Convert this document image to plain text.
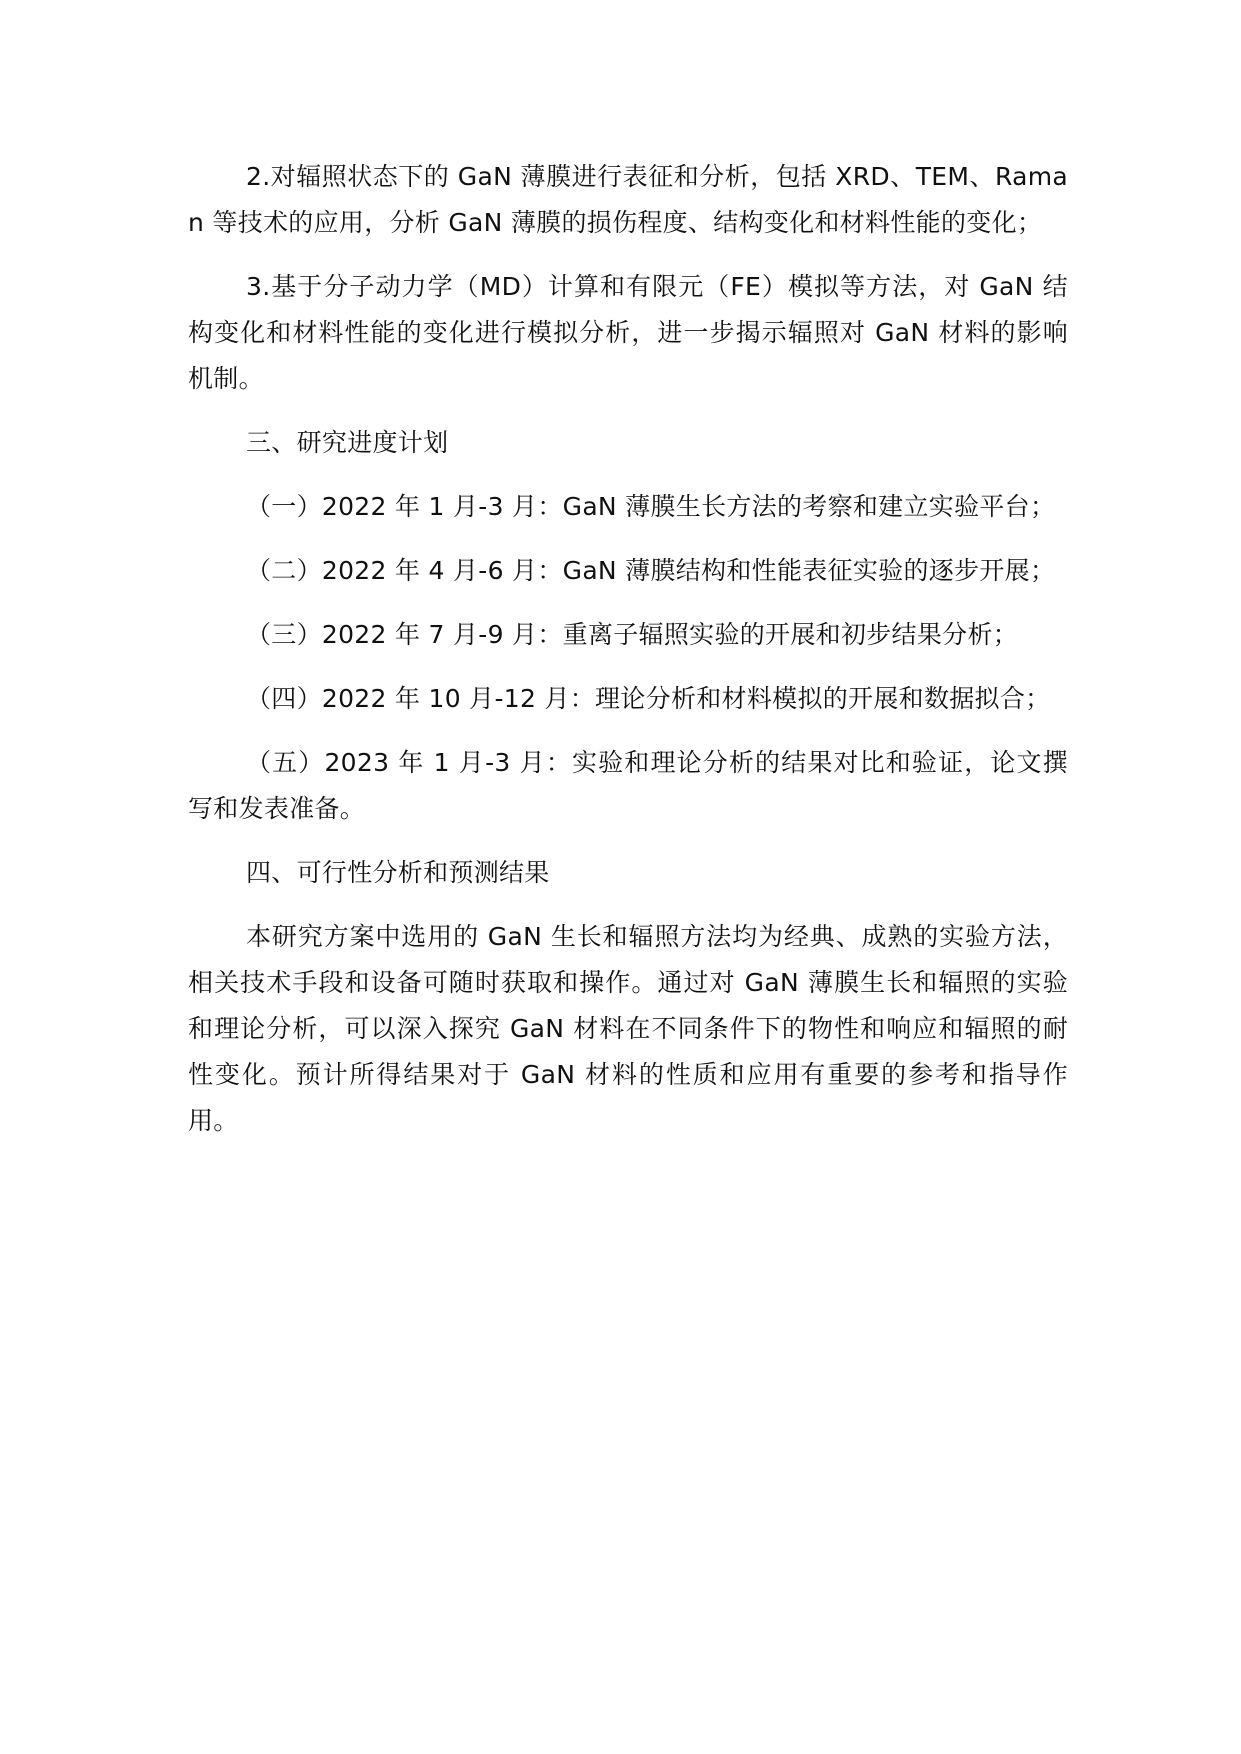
2.对辐照状态下的 GaN 薄膜进行表征和分析，包括 XRD、TEM、Raman 等技术的应用，分析 GaN 薄膜的损伤程度、结构变化和材料性能的变化；

3.基于分子动力学（MD）计算和有限元（FE）模拟等方法，对 GaN 结构变化和材料性能的变化进行模拟分析，进一步揭示辐照对 GaN 材料的影响机制。

三、研究进度计划

（一）2022 年 1 月-3 月：GaN 薄膜生长方法的考察和建立实验平台；

（二）2022 年 4 月-6 月：GaN 薄膜结构和性能表征实验的逐步开展；

（三）2022 年 7 月-9 月：重离子辐照实验的开展和初步结果分析；

（四）2022 年 10 月-12 月：理论分析和材料模拟的开展和数据拟合；

（五）2023 年 1 月-3 月：实验和理论分析的结果对比和验证，论文撰写和发表准备。

四、可行性分析和预测结果

本研究方案中选用的 GaN 生长和辐照方法均为经典、成熟的实验方法，相关技术手段和设备可随时获取和操作。通过对 GaN 薄膜生长和辐照的实验和理论分析，可以深入探究 GaN 材料在不同条件下的物性和响应和辐照的耐性变化。预计所得结果对于 GaN 材料的性质和应用有重要的参考和指导作用。
